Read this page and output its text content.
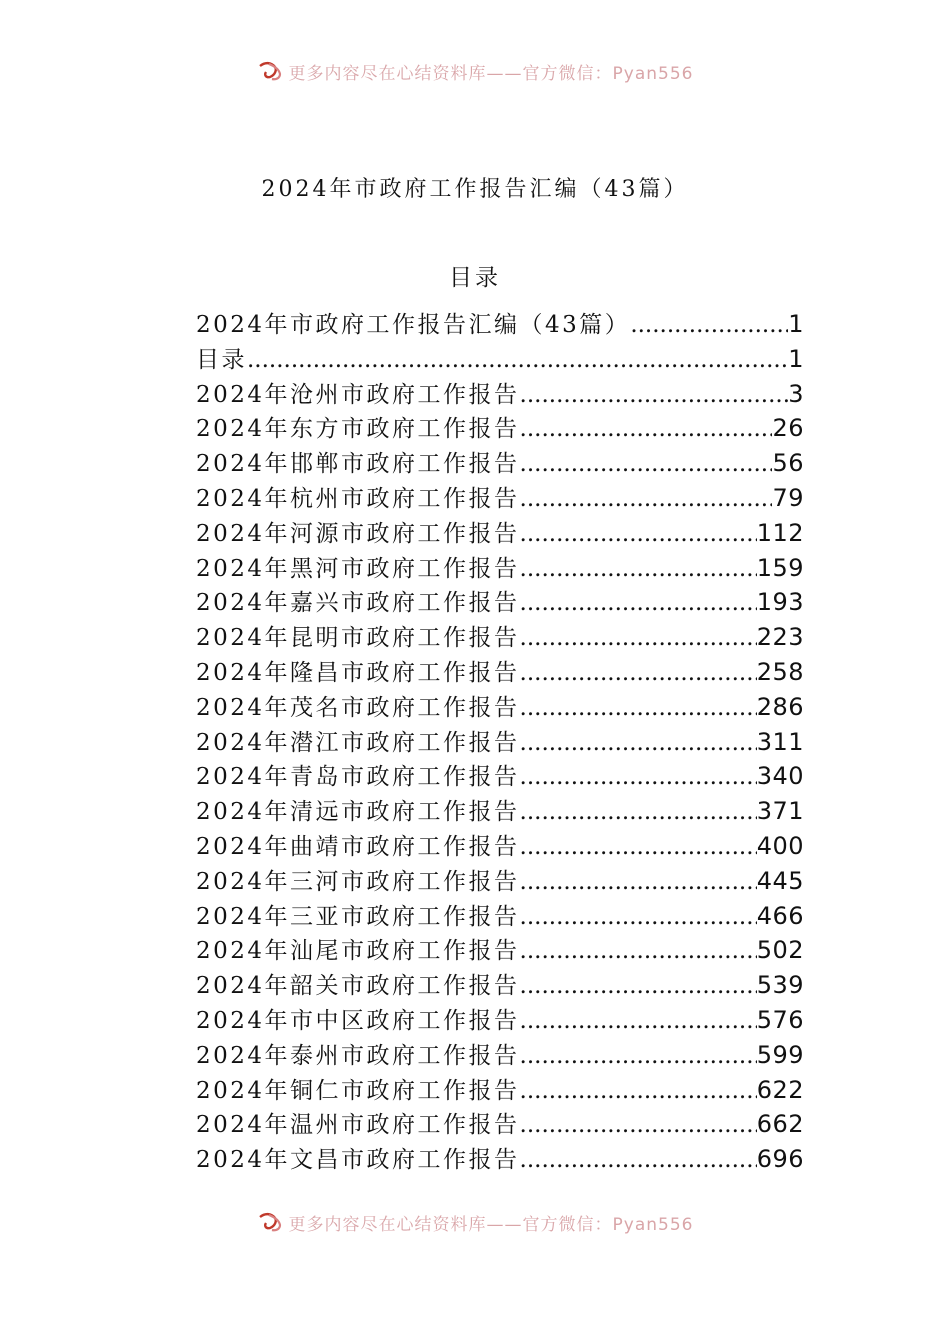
更多内容尽在心结资料库——官方微信：Pyan556
2024年市政府工作报告汇编（43篇）
目录
2024年市政府工作报告汇编（43篇） .....	1
目录 .....	1
2024年沧州市政府工作报告 .....	3
2024年东方市政府工作报告 .....	26
2024年邯郸市政府工作报告 .....	56
2024年杭州市政府工作报告 .....	79
2024年河源市政府工作报告 .....	112
2024年黑河市政府工作报告 .....	159
2024年嘉兴市政府工作报告 .....	193
2024年昆明市政府工作报告 .....	223
2024年隆昌市政府工作报告 .....	258
2024年茂名市政府工作报告 .....	286
2024年潜江市政府工作报告 .....	311
2024年青岛市政府工作报告 .....	340
2024年清远市政府工作报告 .....	371
2024年曲靖市政府工作报告 .....	400
2024年三河市政府工作报告 .....	445
2024年三亚市政府工作报告 .....	466
2024年汕尾市政府工作报告 .....	502
2024年韶关市政府工作报告 .....	539
2024年市中区政府工作报告 .....	576
2024年泰州市政府工作报告 .....	599
2024年铜仁市政府工作报告 .....	622
2024年温州市政府工作报告 .....	662
2024年文昌市政府工作报告 .....	696
更多内容尽在心结资料库——官方微信：Pyan556
